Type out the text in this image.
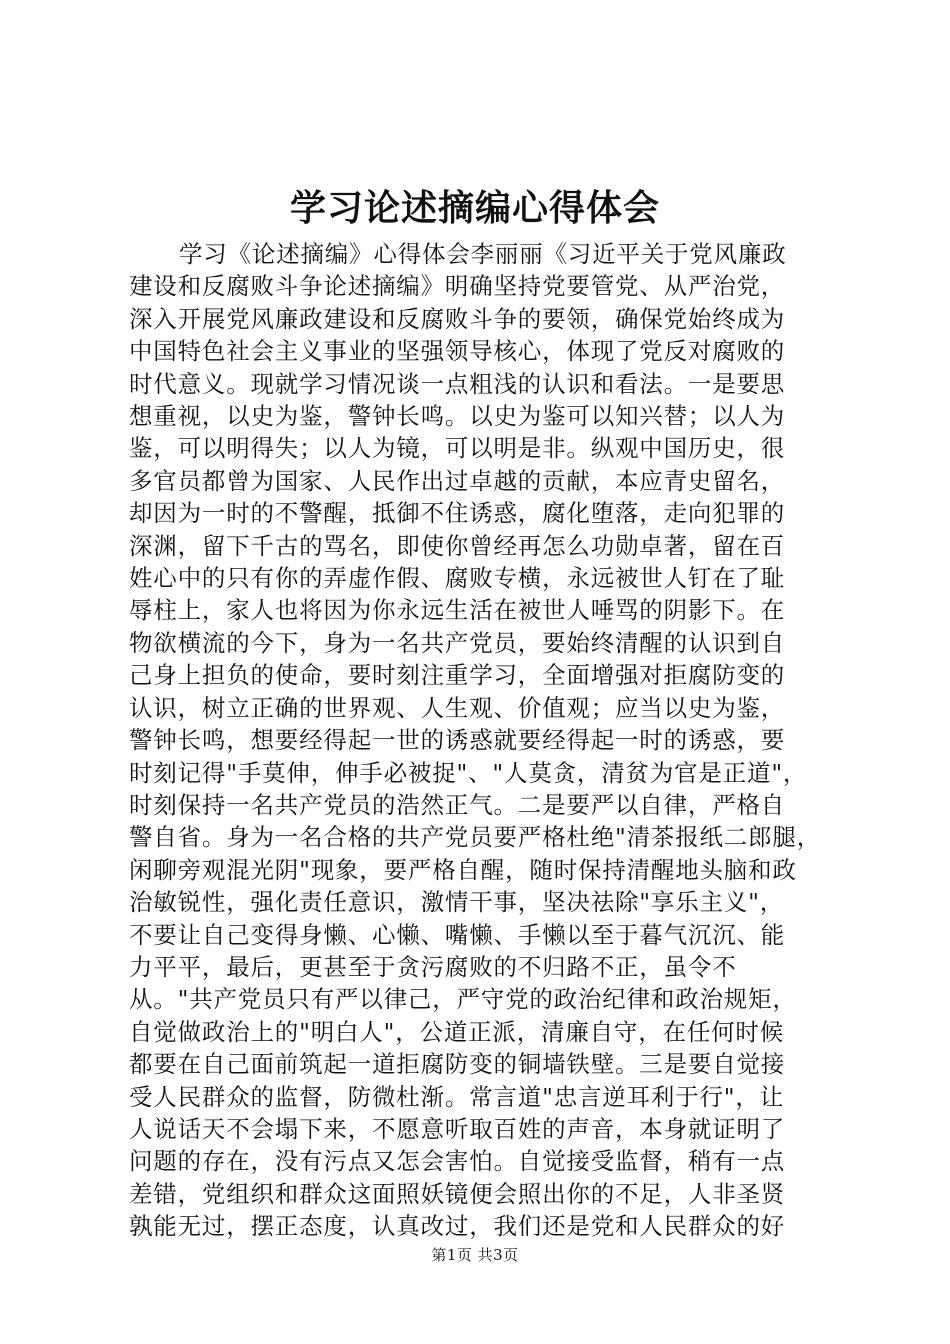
学习论述摘编心得体会
学习《论述摘编》心得体会李丽丽《习近平关于党风廉政
建设和反腐败斗争论述摘编》明确坚持党要管党、从严治党，
深入开展党风廉政建设和反腐败斗争的要领，确保党始终成为
中国特色社会主义事业的坚强领导核心，体现了党反对腐败的
时代意义。现就学习情况谈一点粗浅的认识和看法。一是要思
想重视，以史为鉴，警钟长鸣。以史为鉴可以知兴替；以人为
鉴，可以明得失；以人为镜，可以明是非。纵观中国历史，很
多官员都曾为国家、人民作出过卓越的贡献，本应青史留名，
却因为一时的不警醒，抵御不住诱惑，腐化堕落，走向犯罪的
深渊，留下千古的骂名，即使你曾经再怎么功勋卓著，留在百
姓心中的只有你的弄虚作假、腐败专横，永远被世人钉在了耻
辱柱上，家人也将因为你永远生活在被世人唾骂的阴影下。在
物欲横流的今下，身为一名共产党员，要始终清醒的认识到自
己身上担负的使命，要时刻注重学习，全面增强对拒腐防变的
认识，树立正确的世界观、人生观、价值观；应当以史为鉴，
警钟长鸣，想要经得起一世的诱惑就要经得起一时的诱惑，要
时刻记得"手莫伸，伸手必被捉"、"人莫贪，清贫为官是正道"，
时刻保持一名共产党员的浩然正气。二是要严以自律，严格自
警自省。身为一名合格的共产党员要严格杜绝"清茶报纸二郎腿，
闲聊旁观混光阴"现象，要严格自醒，随时保持清醒地头脑和政
治敏锐性，强化责任意识，激情干事，坚决祛除"享乐主义"，
不要让自己变得身懒、心懒、嘴懒、手懒以至于暮气沉沉、能
力平平，最后，更甚至于贪污腐败的不归路不正，虽令不
从。"共产党员只有严以律己，严守党的政治纪律和政治规矩，
自觉做政治上的"明白人"，公道正派，清廉自守，在任何时候
都要在自己面前筑起一道拒腐防变的铜墙铁壁。三是要自觉接
受人民群众的监督，防微杜渐。常言道"忠言逆耳利于行"，让
人说话天不会塌下来，不愿意听取百姓的声音，本身就证明了
问题的存在，没有污点又怎会害怕。自觉接受监督，稍有一点
差错，党组织和群众这面照妖镜便会照出你的不足，人非圣贤
孰能无过，摆正态度，认真改过，我们还是党和人民群众的好
第1页 共3页
